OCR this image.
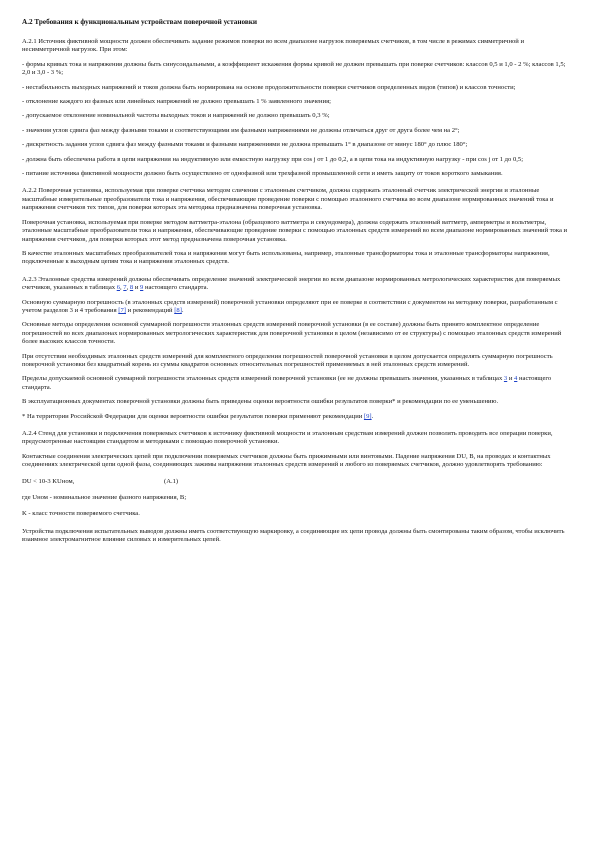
А.2 Требования к функциональным устройствам поверочной установки

А.2.1 Источник фиктивной мощности должен обеспечивать задание режимов поверки во всем диапазоне нагрузок поверяемых счетчиков, в том числе в режимах симметричной и несимметричной нагрузок. При этом:

- формы кривых тока и напряжения должны быть синусоидальными, а коэффициент искажения формы кривой не должен превышать при поверке счетчиков: классов 0,5 и 1,0 - 2 %; классов 1,5; 2,0 и 3,0 - 3 %;

- нестабильность выходных напряжений и токов должна быть нормирована на основе продолжительности поверки счетчиков определенных видов (типов) и классов точности;

- отклонение каждого из фазных или линейных напряжений не должно превышать 1 % заявленного значения;

- допускаемое отклонение номинальной частоты выходных токов и напряжений не должно превышать 0,3 %;

- значения углов сдвига фаз между фазными токами и соответствующими им фазными напряжениями не должны отличаться друг от друга более чем на 2°;

- дискретность задания углов сдвига фаз между фазными токами и фазными напряжениями не должна превышать 1° в диапазоне от минус 180° до плюс 180°;

- должна быть обеспечена работа в цепи напряжения на индуктивную или емкостную нагрузку при cos j от 1 до 0,2, а в цепи тока на индуктивную нагрузку - при cos j от 1 до 0,5;

- питание источника фиктивной мощности должно быть осуществлено от однофазной или трехфазной промышленной сети и иметь защиту от токов короткого замыкания.

А.2.2 Поверочная установка, используемая при поверке счетчика методом сличения с эталонным счетчиком, должна содержать эталонный счетчик электрической энергии и эталонные масштабные измерительные преобразователи тока и напряжения, обеспечивающие проведение поверки с помощью эталонного счетчика во всем диапазоне нормированных значений тока и напряжения счетчиков тех типов, для поверки которых эта методика предназначена поверочная установка.

Поверочная установка, используемая при поверке методом ваттметра-эталона (образцового ваттметра и секундомера), должна содержать эталонный ваттметр, амперметры и вольтметры, эталонные масштабные преобразователи тока и напряжения, обеспечивающие проведение поверки с помощью эталонных средств измерений во всем диапазоне нормированных значений тока и напряжения счетчиков, для поверки которых этот метод предназначена поверочная установка.

В качестве эталонных масштабных преобразователей тока и напряжения могут быть использованы, например, эталонные трансформаторы тока и эталонные трансформаторы напряжения, подключенные к выходным цепям тока и напряжения эталонных средств.

А.2.3 Эталонные средства измерений должны обеспечивать определение значений электрической энергии во всем диапазоне нормированных метрологических характеристик для поверяемых счетчиков, указанных в таблицах 6, 7, 8 и 9 настоящего стандарта.

Основную суммарную погрешность (в эталонных средств измерений) поверочной установки определяют при ее поверке в соответствии с документом на методику поверки, разработанным с учетом разделов 3 и 4 требования [7] и рекомендаций [8].

Основные методы определения основной суммарной погрешности эталонных средств измерений поверочной установки (в ее составе) должны быть принято комплектное определение погрешностей во всех диапазонах нормированных метрологических характеристик для поверочной установки в целом (независимо от ее структуры) с помощью эталонных средств измерений более высоких классов точности.

При отсутствии необходимых эталонных средств измерений для комплектного определения погрешностей поверочной установки в целом допускается определять суммарную погрешность поверочной установки без квадратный корень из суммы квадратов основных относительных погрешностей применяемых в ней эталонных средств измерений.

Пределы допускаемой основной суммарной погрешности эталонных средств измерений поверочной установки (ее не должны превышать значения, указанных в таблицах 3 и 4 настоящего стандарта.

В эксплуатационных документах поверочной установки должны быть приведены оценки вероятности ошибки результатов поверки* и рекомендации по ее уменьшению.

* На территории Российской Федерации для оценки вероятности ошибки результатов поверки применяют рекомендации [9].

А.2.4 Стенд для установки и подключения поверяемых счетчиков к источнику фиктивной мощности и эталонным средствам измерений должен позволять проводить все операции поверки, предусмотренные настоящим стандартом и методиками с помощью поверочной установки.

Контактные соединения электрических цепей при подключении поверяемых счетчиков должны быть прижимными или винтовыми. Падение напряжения DU, В, на проводах и контактных соединениях электрической цепи одной фазы, соединяющих зажимы напряжения эталонных средств измерений и любого из поверяемых счетчиков, должно удовлетворять требованию:

DU < 10-3 KUном,	(А.1)

где Uном - номинальное значение фазного напряжения, В;

K - класс точности поверяемого счетчика.

Устройства подключения испытательных выводов должны иметь соответствующую маркировку, а соединяющие их цепи провода должны быть смонтированы таким образом, чтобы исключить взаимное электромагнитное влияние силовых и измерительных цепей.
